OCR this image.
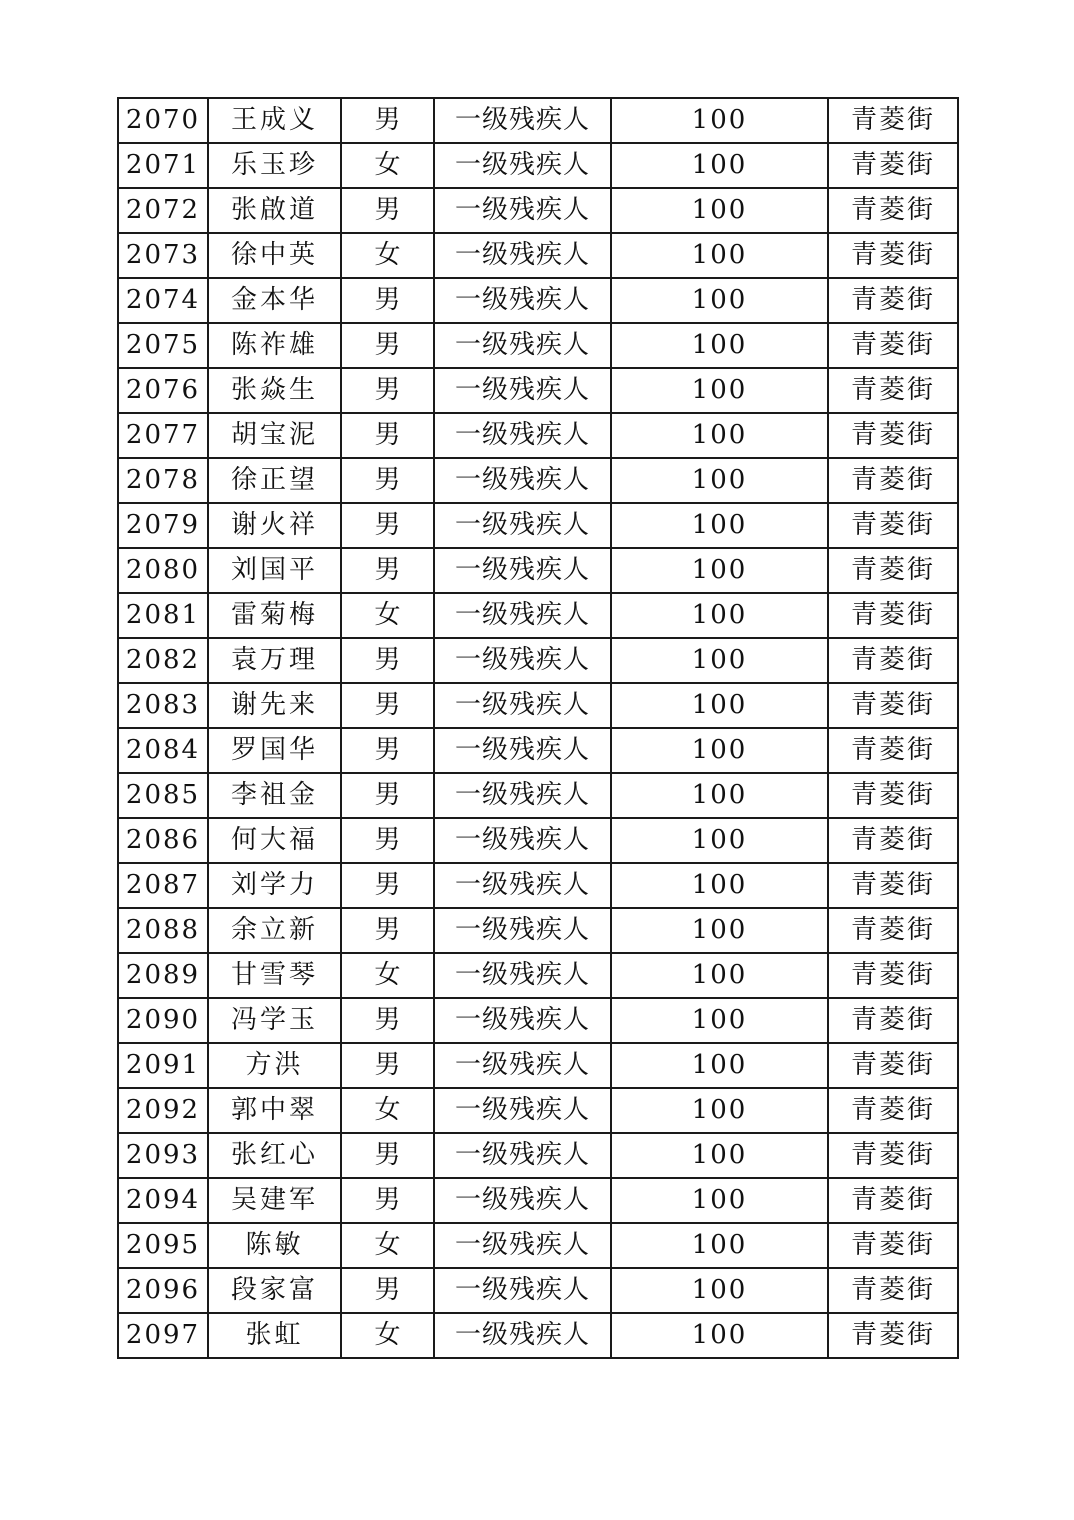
2070	王成义	男	一级残疾人	100	青菱街
2071	乐玉珍	女	一级残疾人	100	青菱街
2072	张啟道	男	一级残疾人	100	青菱街
2073	徐中英	女	一级残疾人	100	青菱街
2074	金本华	男	一级残疾人	100	青菱街
2075	陈祚雄	男	一级残疾人	100	青菱街
2076	张焱生	男	一级残疾人	100	青菱街
2077	胡宝泥	男	一级残疾人	100	青菱街
2078	徐正望	男	一级残疾人	100	青菱街
2079	谢火祥	男	一级残疾人	100	青菱街
2080	刘国平	男	一级残疾人	100	青菱街
2081	雷菊梅	女	一级残疾人	100	青菱街
2082	袁万理	男	一级残疾人	100	青菱街
2083	谢先来	男	一级残疾人	100	青菱街
2084	罗国华	男	一级残疾人	100	青菱街
2085	李祖金	男	一级残疾人	100	青菱街
2086	何大福	男	一级残疾人	100	青菱街
2087	刘学力	男	一级残疾人	100	青菱街
2088	余立新	男	一级残疾人	100	青菱街
2089	甘雪琴	女	一级残疾人	100	青菱街
2090	冯学玉	男	一级残疾人	100	青菱街
2091	方洪	男	一级残疾人	100	青菱街
2092	郭中翠	女	一级残疾人	100	青菱街
2093	张红心	男	一级残疾人	100	青菱街
2094	吴建军	男	一级残疾人	100	青菱街
2095	陈敏	女	一级残疾人	100	青菱街
2096	段家富	男	一级残疾人	100	青菱街
2097	张虹	女	一级残疾人	100	青菱街
